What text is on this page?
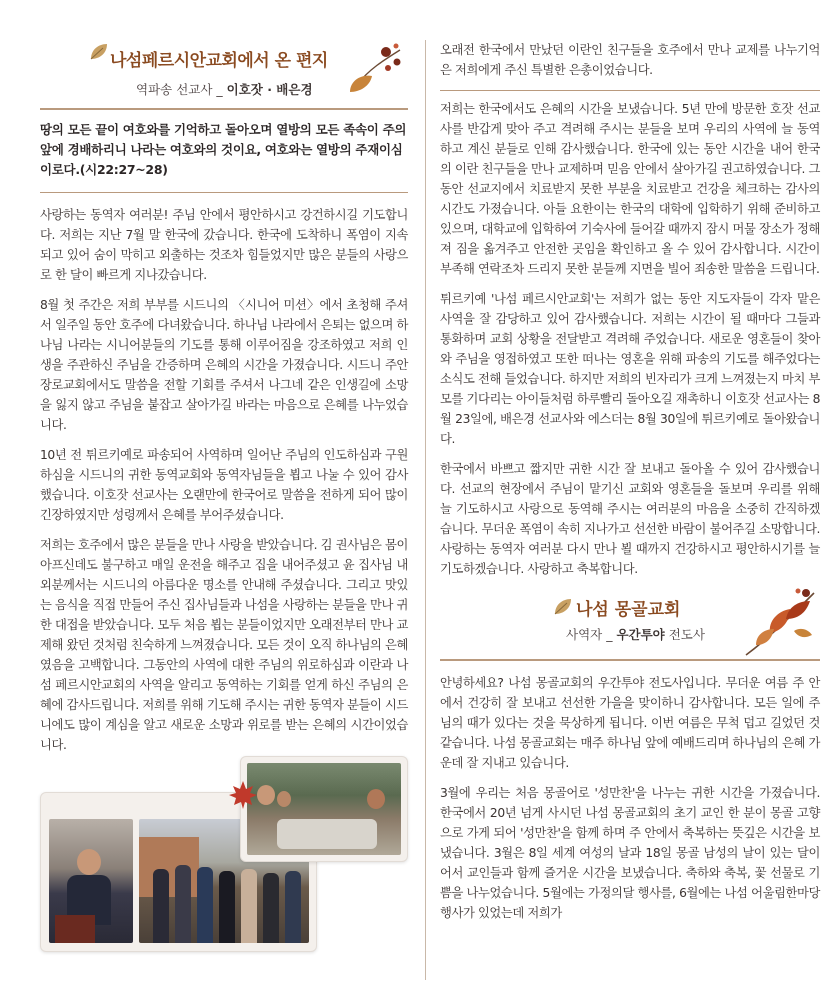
나섬페르시안교회에서 온 편지
역파송 선교사 _ 이호잣 · 배은경
땅의 모든 끝이 여호와를 기억하고 돌아오며 열방의 모든 족속이 주의 앞에 경배하리니 나라는 여호와의 것이요, 여호와는 열방의 주재이심이로다.(시22:27~28)

사랑하는 동역자 여러분! 주님 안에서 평안하시고 강건하시길 기도합니다. 저희는 지난 7월 말 한국에 갔습니다. 한국에 도착하니 폭염이 지속되고 있어 숨이 막히고 외출하는 것조차 힘들었지만 많은 분들의 사랑으로 한 달이 빠르게 지나갔습니다.

8월 첫 주간은 저희 부부를 시드니의 〈시니어 미션〉에서 초청해 주셔서 일주일 동안 호주에 다녀왔습니다. 하나님 나라에서 은퇴는 없으며 하나님 나라는 시니어분들의 기도를 통해 이루어짐을 강조하였고 저희 인생을 주관하신 주님을 간증하며 은혜의 시간을 가졌습니다. 시드니 주안장로교회에서도 말씀을 전할 기회를 주셔서 나그네 같은 인생길에 소망을 잃지 않고 주님을 붙잡고 살아가길 바라는 마음으로 은혜를 나누었습니다.

10년 전 튀르키예로 파송되어 사역하며 일어난 주님의 인도하심과 구원하심을 시드니의 귀한 동역교회와 동역자님들을 뵙고 나눌 수 있어 감사했습니다. 이호잣 선교사는 오랜만에 한국어로 말씀을 전하게 되어 많이 긴장하였지만 성령께서 은혜를 부어주셨습니다.

저희는 호주에서 많은 분들을 만나 사랑을 받았습니다. 김 권사님은 몸이 아프신데도 불구하고 매일 운전을 해주고 집을 내어주셨고 윤 집사님 내외분께서는 시드니의 아름다운 명소를 안내해 주셨습니다. 그리고 맛있는 음식을 직접 만들어 주신 집사님들과 나섬을 사랑하는 분들을 만나 귀한 대접을 받았습니다. 모두 처음 뵙는 분들이었지만 오래전부터 만나 교제해 왔던 것처럼 친숙하게 느껴졌습니다. 모든 것이 오직 하나님의 은혜였음을 고백합니다. 그동안의 사역에 대한 주님의 위로하심과 이란과 나섬 페르시안교회의 사역을 알리고 동역하는 기회를 얻게 하신 주님의 은혜에 감사드립니다. 저희를 위해 기도해 주시는 귀한 동역자 분들이 시드니에도 많이 계심을 알고 새로운 소망과 위로를 받는 은혜의 시간이었습니다.

오래전 한국에서 만났던 이란인 친구들을 호주에서 만나 교제를 나누기억은 저희에게 주신 특별한 은총이었습니다.

저희는 한국에서도 은혜의 시간을 보냈습니다. 5년 만에 방문한 호잣 선교사를 반갑게 맞아 주고 격려해 주시는 분들을 보며 우리의 사역에 늘 동역하고 계신 분들로 인해 감사했습니다. 한국에 있는 동안 시간을 내어 한국의 이란 친구들을 만나 교제하며 믿음 안에서 살아가길 권고하였습니다. 그동안 선교지에서 치료받지 못한 부분을 치료받고 건강을 체크하는 감사의 시간도 가졌습니다. 아들 요한이는 한국의 대학에 입학하기 위해 준비하고 있으며, 대학교에 입학하여 기숙사에 들어갈 때까지 잠시 머물 장소가 정해져 짐을 옮겨주고 안전한 곳임을 확인하고 올 수 있어 감사합니다. 시간이 부족해 연락조차 드리지 못한 분들께 지면을 빌어 죄송한 말씀을 드립니다.

튀르키예 '나섬 페르시안교회'는 저희가 없는 동안 지도자들이 각자 맡은 사역을 잘 감당하고 있어 감사했습니다. 저희는 시간이 될 때마다 그들과 통화하며 교회 상황을 전달받고 격려해 주었습니다. 새로운 영혼들이 찾아와 주님을 영접하였고 또한 떠나는 영혼을 위해 파송의 기도를 해주었다는 소식도 전해 들었습니다. 하지만 저희의 빈자리가 크게 느껴졌는지 마치 부모를 기다리는 아이들처럼 하루빨리 돌아오길 재촉하니 이호잣 선교사는 8월 23일에, 배은경 선교사와 에스더는 8월 30일에 튀르키예로 돌아왔습니다.

한국에서 바쁘고 짧지만 귀한 시간 잘 보내고 돌아올 수 있어 감사했습니다. 선교의 현장에서 주님이 맡기신 교회와 영혼들을 돌보며 우리를 위해 늘 기도하시고 사랑으로 동역해 주시는 여러분의 마음을 소중히 간직하겠습니다. 무더운 폭염이 속히 지나가고 선선한 바람이 불어주길 소망합니다. 사랑하는 동역자 여러분 다시 만나 뵐 때까지 건강하시고 평안하시기를 늘 기도하겠습니다. 사랑하고 축복합니다.

나섬 몽골교회
사역자 _ 우간투야 전도사

안녕하세요? 나섬 몽골교회의 우간투야 전도사입니다. 무더운 여름 주 안에서 건강히 잘 보내고 선선한 가을을 맞이하니 감사합니다. 모든 일에 주님의 때가 있다는 것을 묵상하게 됩니다. 이번 여름은 무척 덥고 길었던 것 같습니다. 나섬 몽골교회는 매주 하나님 앞에 예배드리며 하나님의 은혜 가운데 잘 지내고 있습니다.

3월에 우리는 처음 몽골어로 '성만찬'을 나누는 귀한 시간을 가졌습니다. 한국에서 20년 넘게 사시던 나섬 몽골교회의 초기 교인 한 분이 몽골 고향으로 가게 되어 '성만찬'을 함께 하며 주 안에서 축복하는 뜻깊은 시간을 보냈습니다. 3월은 8일 세계 여성의 날과 18일 몽골 남성의 날이 있는 달이어서 교인들과 함께 즐거운 시간을 보냈습니다. 축하와 축복, 꽃 선물로 기쁨을 나누었습니다. 5월에는 가정의달 행사를, 6월에는 나섬 어울림한마당 행사가 있었는데 저희가
